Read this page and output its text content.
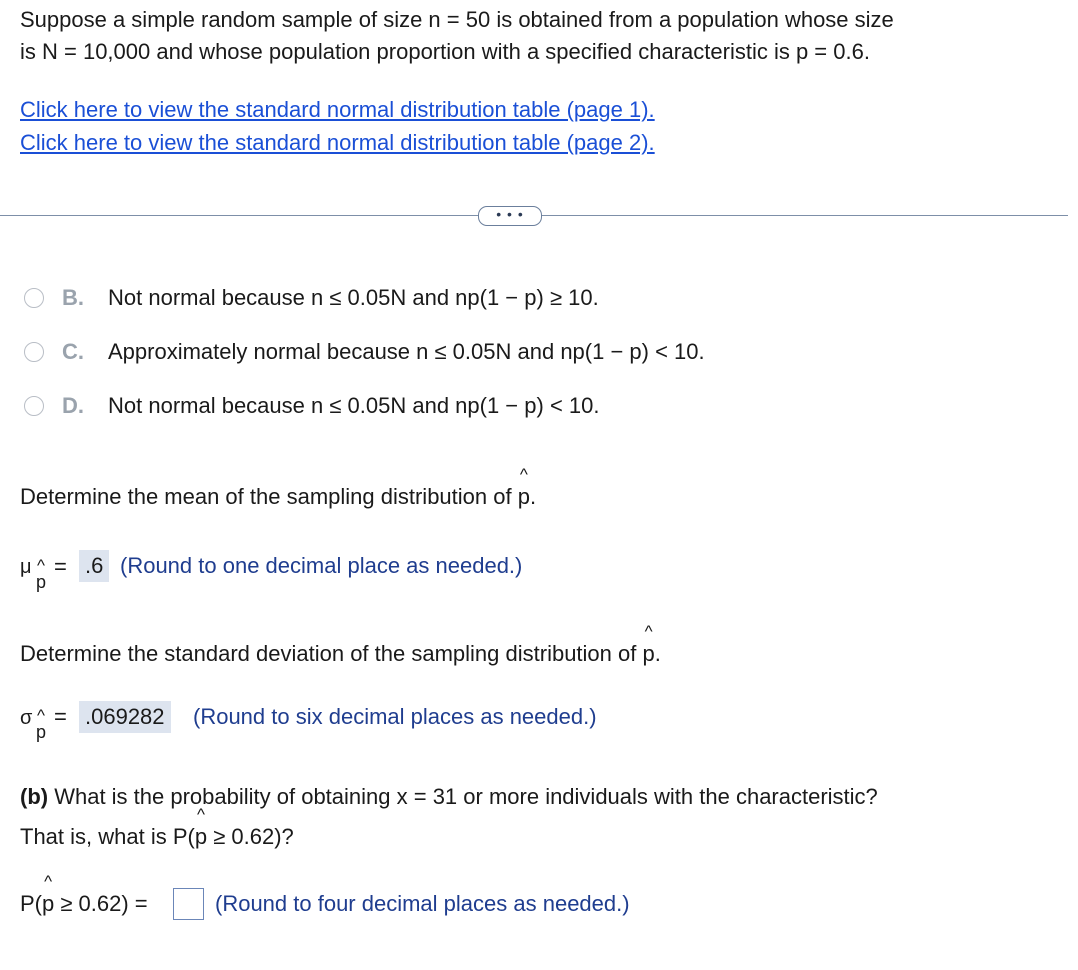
Suppose a simple random sample of size n = 50 is obtained from a population whose size
is N = 10,000 and whose population proportion with a specified characteristic is p = 0.6.
Click here to view the standard normal distribution table (page 1).
Click here to view the standard normal distribution table (page 2).
• • •
B.	Not normal because n ≤ 0.05N and np(1 − p) ≥ 10.
C.	Approximately normal because n ≤ 0.05N and np(1 − p) < 10.
D.	Not normal because n ≤ 0.05N and np(1 − p) < 10.
Determine the mean of the sampling distribution of ^ p.
μ
^ p
= .6 (Round to one decimal place as needed.)
Determine the standard deviation of the sampling distribution of ^ p.
σ
^ p
= .069282 (Round to six decimal places as needed.)
(b) What is the probability of obtaining x = 31 or more individuals with the characteristic?
That is, what is P(^ p ≥ 0.62)?
P(^ p ≥ 0.62) =	(Round to four decimal places as needed.)
